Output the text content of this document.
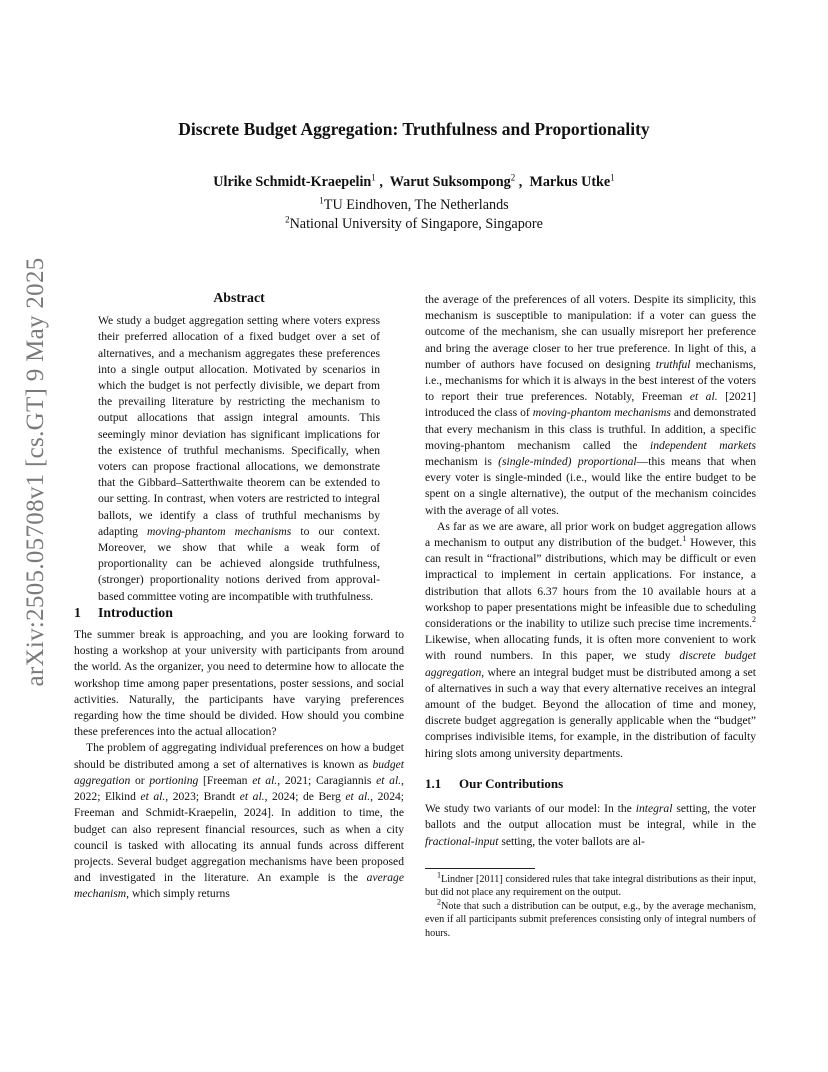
arXiv:2505.05708v1 [cs.GT] 9 May 2025
Discrete Budget Aggregation: Truthfulness and Proportionality
Ulrike Schmidt-Kraepelin$^1$ ,  Warut Suksompong$^2$ ,  Markus Utke$^1$
$^1$TU Eindhoven, The Netherlands
$^2$National University of Singapore, Singapore
Abstract

We study a budget aggregation setting where voters express their preferred allocation of a fixed budget over a set of alternatives, and a mechanism aggregates these preferences into a single output allocation. Motivated by scenarios in which the budget is not perfectly divisible, we depart from the prevailing literature by restricting the mechanism to output allocations that assign integral amounts. This seemingly minor deviation has significant implications for the existence of truthful mechanisms. Specifically, when voters can propose fractional allocations, we demonstrate that the Gibbard–Satterthwaite theorem can be extended to our setting. In contrast, when voters are restricted to integral ballots, we identify a class of truthful mechanisms by adapting moving-phantom mechanisms to our context. Moreover, we show that while a weak form of proportionality can be achieved alongside truthfulness, (stronger) proportionality notions derived from approval-based committee voting are incompatible with truthfulness.

1 Introduction

The summer break is approaching, and you are looking forward to hosting a workshop at your university with participants from around the world. As the organizer, you need to determine how to allocate the workshop time among paper presentations, poster sessions, and social activities. Naturally, the participants have varying preferences regarding how the time should be divided. How should you combine these preferences into the actual allocation?

The problem of aggregating individual preferences on how a budget should be distributed among a set of alternatives is known as budget aggregation or portioning [Freeman et al., 2021; Caragiannis et al., 2022; Elkind et al., 2023; Brandt et al., 2024; de Berg et al., 2024; Freeman and Schmidt-Kraepelin, 2024]. In addition to time, the budget can also represent financial resources, such as when a city council is tasked with allocating its annual funds across different projects. Several budget aggregation mechanisms have been proposed and investigated in the literature. An example is the average mechanism, which simply returns

the average of the preferences of all voters. Despite its simplicity, this mechanism is susceptible to manipulation: if a voter can guess the outcome of the mechanism, she can usually misreport her preference and bring the average closer to her true preference. In light of this, a number of authors have focused on designing truthful mechanisms, i.e., mechanisms for which it is always in the best interest of the voters to report their true preferences. Notably, Freeman et al. [2021] introduced the class of moving-phantom mechanisms and demonstrated that every mechanism in this class is truthful. In addition, a specific moving-phantom mechanism called the independent markets mechanism is (single-minded) proportional—this means that when every voter is single-minded (i.e., would like the entire budget to be spent on a single alternative), the output of the mechanism coincides with the average of all votes.

As far as we are aware, all prior work on budget aggregation allows a mechanism to output any distribution of the budget.$^1$ However, this can result in “fractional” distributions, which may be difficult or even impractical to implement in certain applications. For instance, a distribution that allots 6.37 hours from the 10 available hours at a workshop to paper presentations might be infeasible due to scheduling considerations or the inability to utilize such precise time increments.$^2$ Likewise, when allocating funds, it is often more convenient to work with round numbers. In this paper, we study discrete budget aggregation, where an integral budget must be distributed among a set of alternatives in such a way that every alternative receives an integral amount of the budget. Beyond the allocation of time and money, discrete budget aggregation is generally applicable when the “budget” comprises indivisible items, for example, in the distribution of faculty hiring slots among university departments.

1.1 Our Contributions

We study two variants of our model: In the integral setting, the voter ballots and the output allocation must be integral, while in the fractional-input setting, the voter ballots are al-

$^1$Lindner [2011] considered rules that take integral distributions as their input, but did not place any requirement on the output.

$^2$Note that such a distribution can be output, e.g., by the average mechanism, even if all participants submit preferences consisting only of integral numbers of hours.
